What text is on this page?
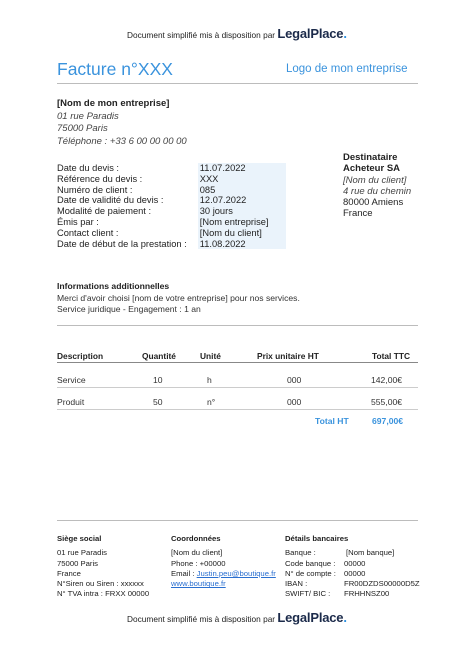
Document simplifié mis à disposition par LegalPlace.
Facture n°XXX	Logo de mon entreprise
[Nom de mon entreprise]
01 rue Paradis
75000 Paris
Téléphone : +33 6 00 00 00 00
Date du devis :	11.07.2022
Référence du devis :	XXX
Numéro de client :	085
Date de validité du devis :	12.07.2022
Modalité de paiement :	30 jours
Émis par :	[Nom entreprise]
Contact client :	[Nom du client]
Date de début de la prestation :	11.08.2022
Destinataire
Acheteur SA
[Nom du client]
4 rue du chemin
80000 Amiens
France
Informations additionnelles
Merci d'avoir choisi [nom de votre entreprise] pour nos services.
Service juridique - Engagement : 1 an
Description	Quantité	Unité	Prix unitaire HT	Total TTC
Service	10	h	000	142,00€
Produit	50	n°	000	555,00€
Total HT	697,00€
Siège social
01 rue Paradis
75000 Paris
France
N°Siren ou Siren : xxxxxx
N° TVA intra : FRXX 00000
Coordonnées
[Nom du client]
Phone : +00000
Email : Justin.peu@boutique.fr
www.boutique.fr
Détails bancaires
Banque :	[Nom banque]
Code banque :	00000
N° de compte :	00000
IBAN :	FR00DZDS00000D5Z
SWIFT/ BIC :	FRHHNSZ00
Document simplifié mis à disposition par LegalPlace.
